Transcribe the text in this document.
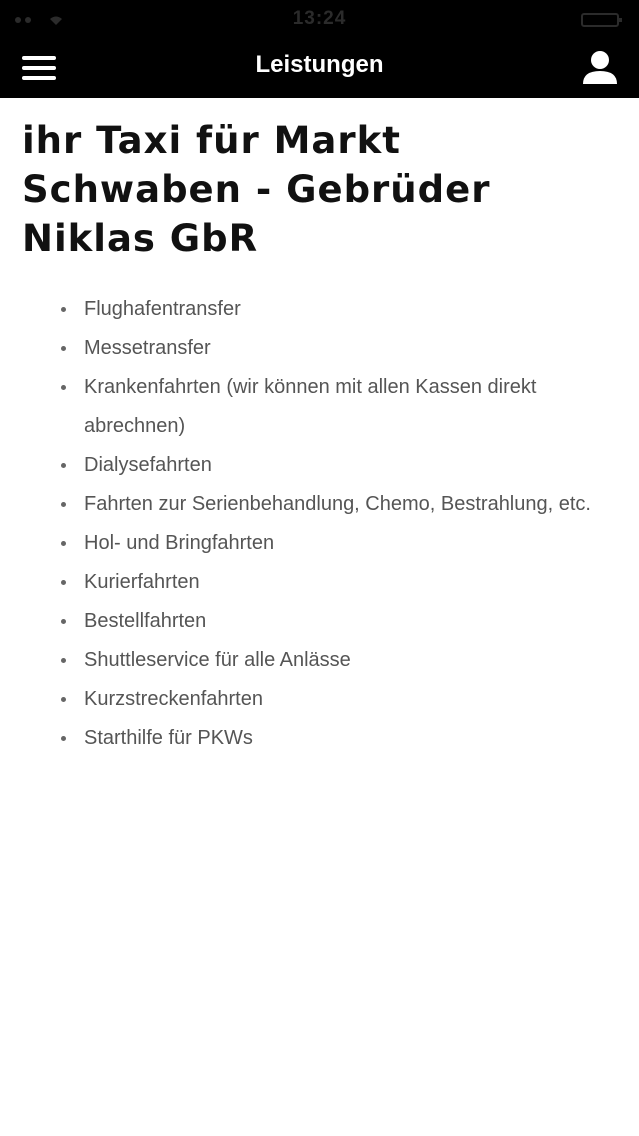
13:24
Leistungen
ihr Taxi für Markt Schwaben - Gebrüder Niklas GbR
Flughafentransfer
Messetransfer
Krankenfahrten (wir können mit allen Kassen direkt abrechnen)
Dialysefahrten
Fahrten zur Serienbehandlung, Chemo, Bestrahlung, etc.
Hol- und Bringfahrten
Kurierfahrten
Bestellfahrten
Shuttleservice für alle Anlässe
Kurzstreckenfahrten
Starthilfe für PKWs
